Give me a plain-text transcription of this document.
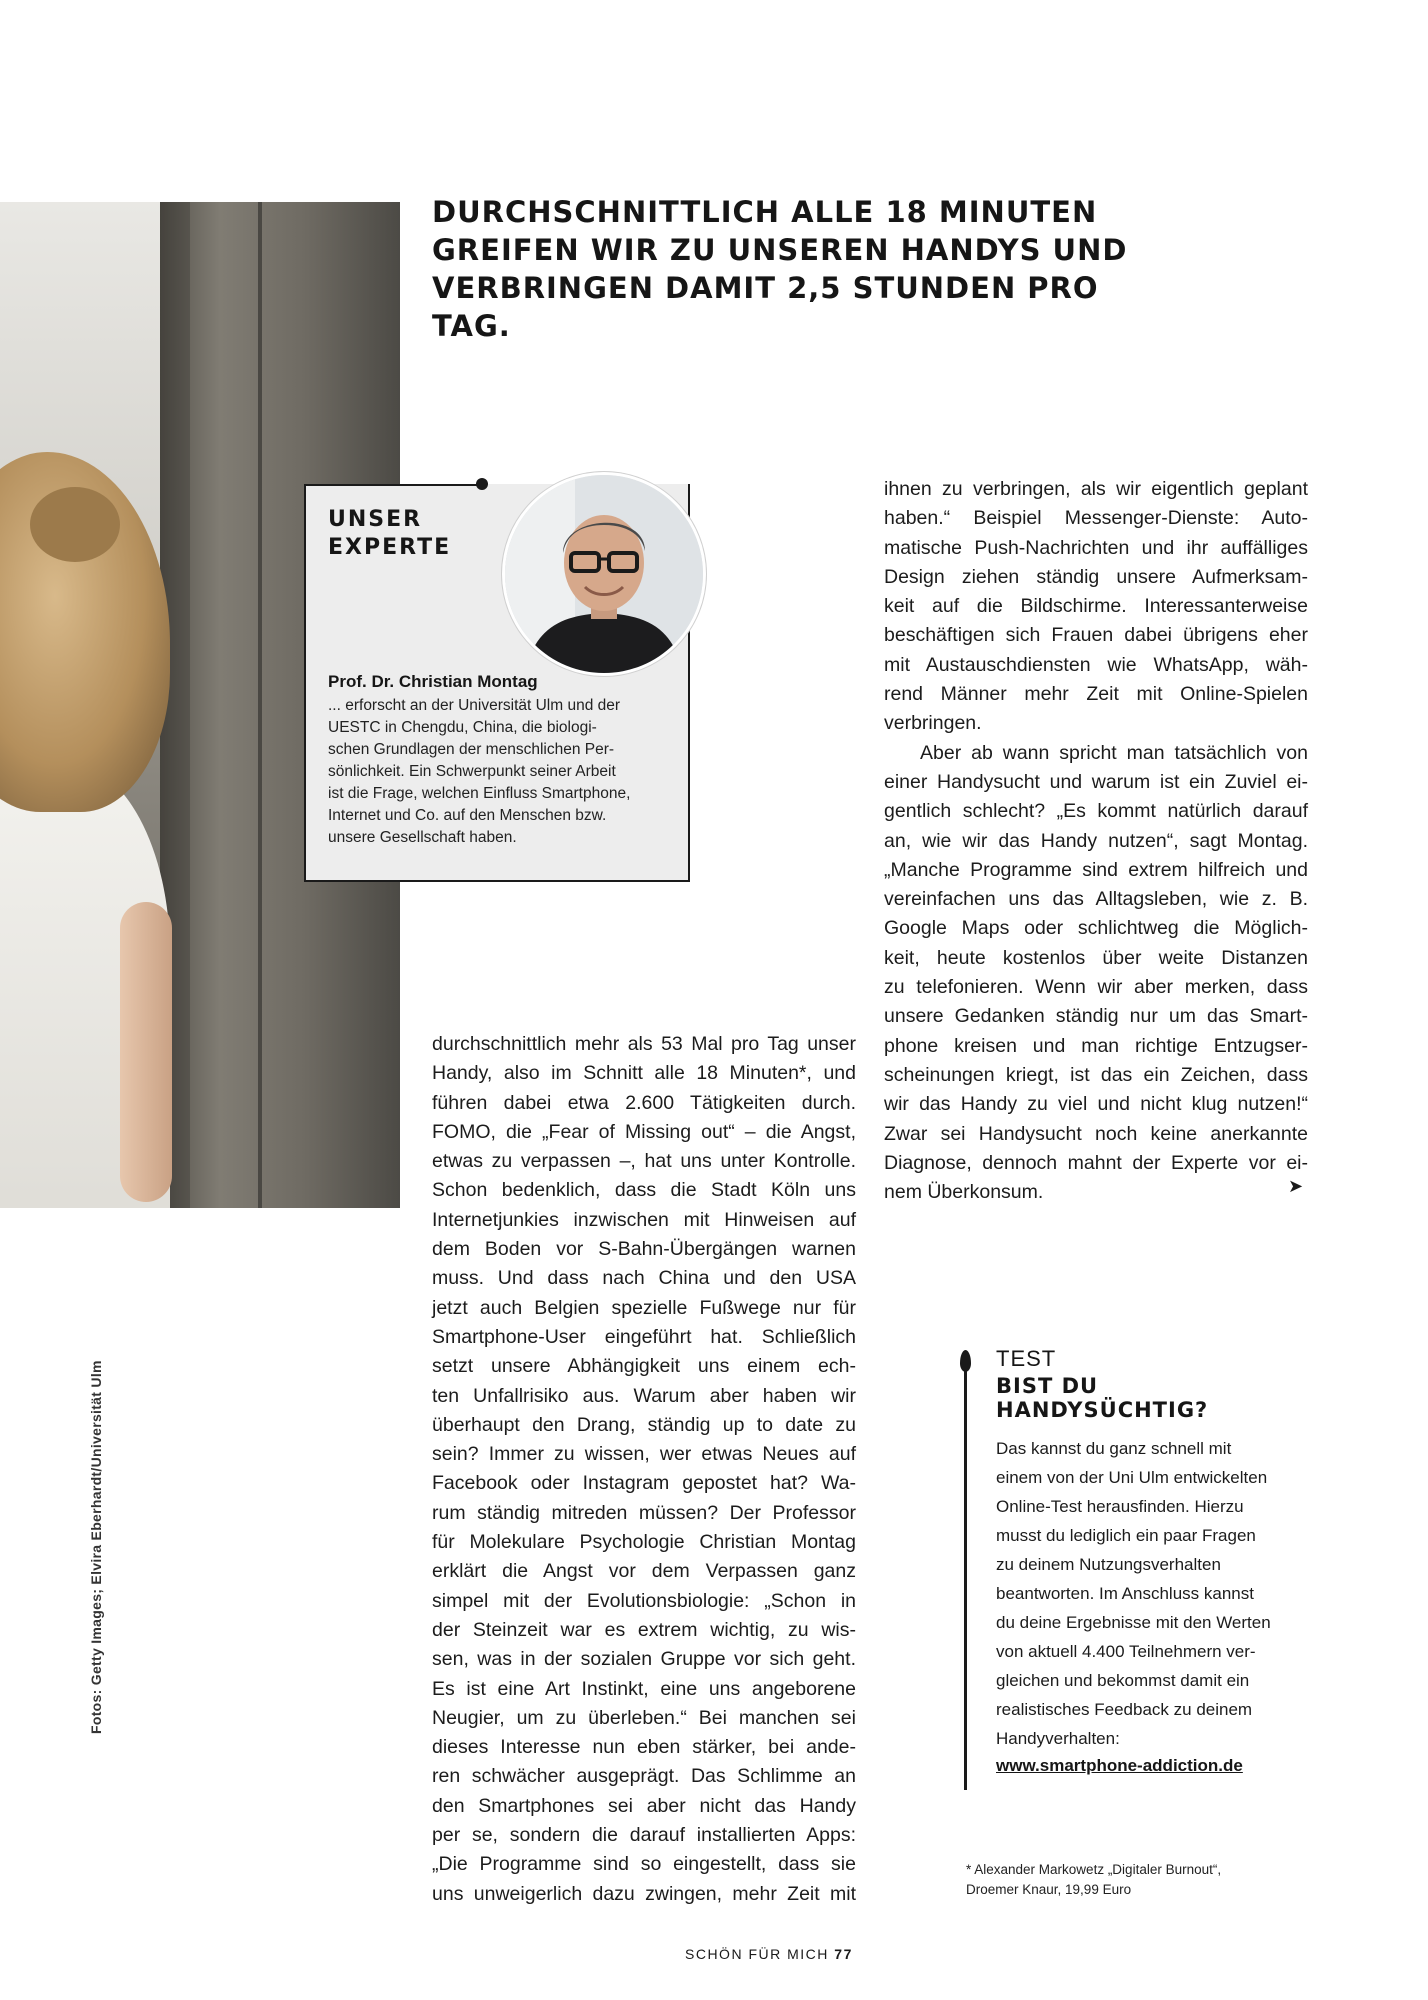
DURCHSCHNITTLICH ALLE 18 MINUTEN
GREIFEN WIR ZU UNSEREN HANDYS UND
VERBRINGEN DAMIT 2,5 STUNDEN PRO TAG.
UNSER
EXPERTE

Prof. Dr. Christian Montag

... erforscht an der Universität Ulm und der
UESTC in Chengdu, China, die biologi-
schen Grundlagen der menschlichen Per-
sönlichkeit. Ein Schwerpunkt seiner Arbeit
ist die Frage, welchen Einfluss Smartphone,
Internet und Co. auf den Menschen bzw.
unsere Gesellschaft haben.

durchschnittlich mehr als 53 Mal pro Tag unser
Handy, also im Schnitt alle 18 Minuten*, und
führen dabei etwa 2.600 Tätigkeiten durch.
FOMO, die „Fear of Missing out“ – die Angst,
etwas zu verpassen –, hat uns unter Kontrolle.
Schon bedenklich, dass die Stadt Köln uns
Internetjunkies inzwischen mit Hinweisen auf
dem Boden vor S-Bahn-Übergängen warnen
muss. Und dass nach China und den USA
jetzt auch Belgien spezielle Fußwege nur für
Smartphone-User eingeführt hat. Schließlich
setzt unsere Abhängigkeit uns einem ech-
ten Unfallrisiko aus. Warum aber haben wir
überhaupt den Drang, ständig up to date zu
sein? Immer zu wissen, wer etwas Neues auf
Facebook oder Instagram gepostet hat? Wa-
rum ständig mitreden müssen? Der Professor
für Molekulare Psychologie Christian Montag
erklärt die Angst vor dem Verpassen ganz
simpel mit der Evolutionsbiologie: „Schon in
der Steinzeit war es extrem wichtig, zu wis-
sen, was in der sozialen Gruppe vor sich geht.
Es ist eine Art Instinkt, eine uns angeborene
Neugier, um zu überleben.“ Bei manchen sei
dieses Interesse nun eben stärker, bei ande-
ren schwächer ausgeprägt. Das Schlimme an
den Smartphones sei aber nicht das Handy
per se, sondern die darauf installierten Apps:
„Die Programme sind so eingestellt, dass sie
uns unweigerlich dazu zwingen, mehr Zeit mit

ihnen zu verbringen, als wir eigentlich geplant
haben.“ Beispiel Messenger-Dienste: Auto-
matische Push-Nachrichten und ihr auffälliges
Design ziehen ständig unsere Aufmerksam-
keit auf die Bildschirme. Interessanterweise
beschäftigen sich Frauen dabei übrigens eher
mit Austauschdiensten wie WhatsApp, wäh-
rend Männer mehr Zeit mit Online-Spielen
verbringen.
Aber ab wann spricht man tatsächlich von
einer Handysucht und warum ist ein Zuviel ei-
gentlich schlecht? „Es kommt natürlich darauf
an, wie wir das Handy nutzen“, sagt Montag.
„Manche Programme sind extrem hilfreich und
vereinfachen uns das Alltagsleben, wie z. B.
Google Maps oder schlichtweg die Möglich-
keit, heute kostenlos über weite Distanzen
zu telefonieren. Wenn wir aber merken, dass
unsere Gedanken ständig nur um das Smart-
phone kreisen und man richtige Entzugser-
scheinungen kriegt, ist das ein Zeichen, dass
wir das Handy zu viel und nicht klug nutzen!“
Zwar sei Handysucht noch keine anerkannte
Diagnose, dennoch mahnt der Experte vor ei-
nem Überkonsum.	➤

TEST

BIST DU HANDYSÜCHTIG?

Das kannst du ganz schnell mit
einem von der Uni Ulm entwickelten
Online-Test herausfinden. Hierzu
musst du lediglich ein paar Fragen
zu deinem Nutzungsverhalten
beantworten. Im Anschluss kannst
du deine Ergebnisse mit den Werten
von aktuell 4.400 Teilnehmern ver-
gleichen und bekommst damit ein
realistisches Feedback zu deinem
Handyverhalten:

www.smartphone-addiction.de

* Alexander Markowetz „Digitaler Burnout“,
Droemer Knaur, 19,99 Euro

Fotos: Getty Images; Elvira Eberhardt/Universität Ulm
SCHÖN FÜR MICH 77
